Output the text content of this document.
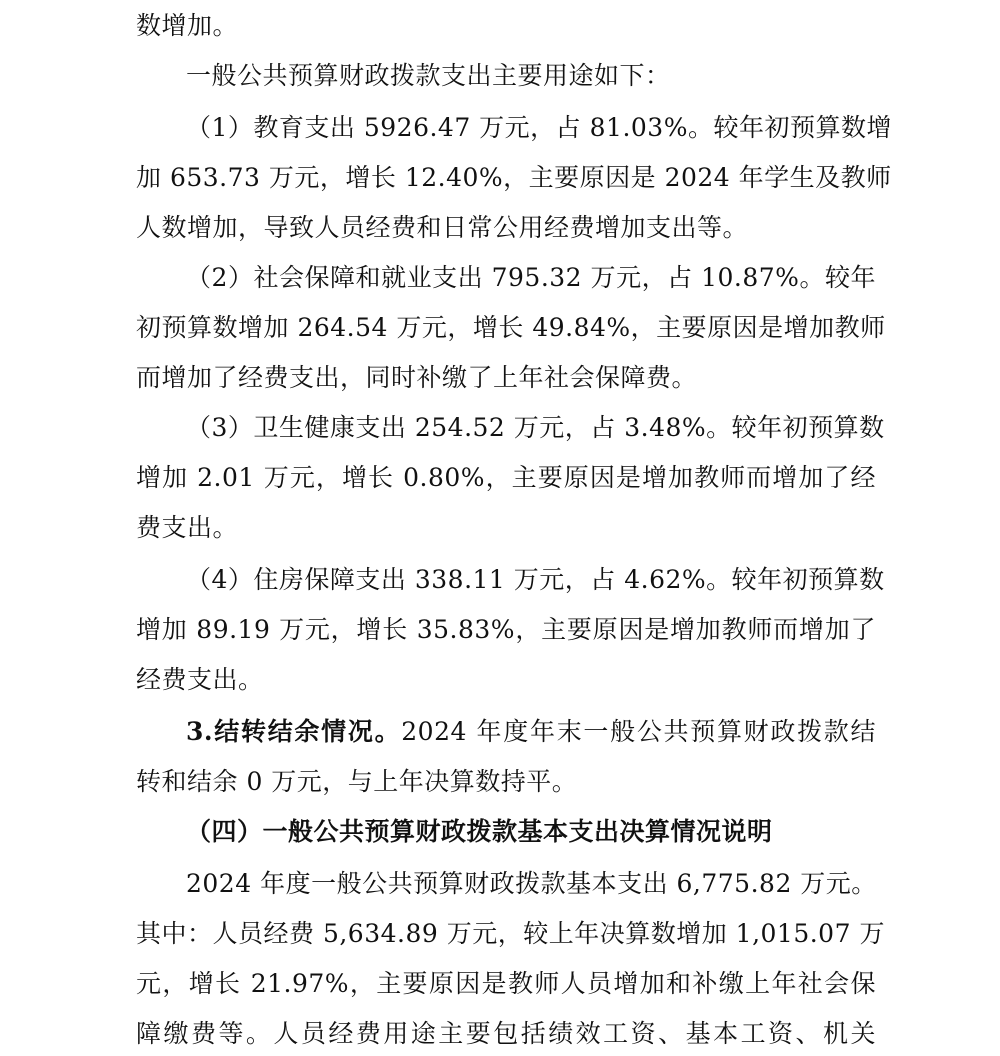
数增加。
一般公共预算财政拨款支出主要用途如下：
（1）教育支出 5926.47 万元，占 81.03%。较年初预算数增
加 653.73 万元，增长 12.40%，主要原因是 2024 年学生及教师
人数增加，导致人员经费和日常公用经费增加支出等。
（2）社会保障和就业支出 795.32 万元，占 10.87%。较年
初预算数增加 264.54 万元，增长 49.84%，主要原因是增加教师
而增加了经费支出，同时补缴了上年社会保障费。
（3）卫生健康支出 254.52 万元，占 3.48%。较年初预算数
增加 2.01 万元，增长 0.80%，主要原因是增加教师而增加了经
费支出。
（4）住房保障支出 338.11 万元，占 4.62%。较年初预算数
增加 89.19 万元，增长 35.83%，主要原因是增加教师而增加了
经费支出。
3.结转结余情况。2024 年度年末一般公共预算财政拨款结
转和结余 0 万元，与上年决算数持平。
（四）一般公共预算财政拨款基本支出决算情况说明
2024 年度一般公共预算财政拨款基本支出 6,775.82 万元。
其中：人员经费 5,634.89 万元，较上年决算数增加 1,015.07 万
元，增长 21.97%，主要原因是教师人员增加和补缴上年社会保
障缴费等。人员经费用途主要包括绩效工资、基本工资、机关
